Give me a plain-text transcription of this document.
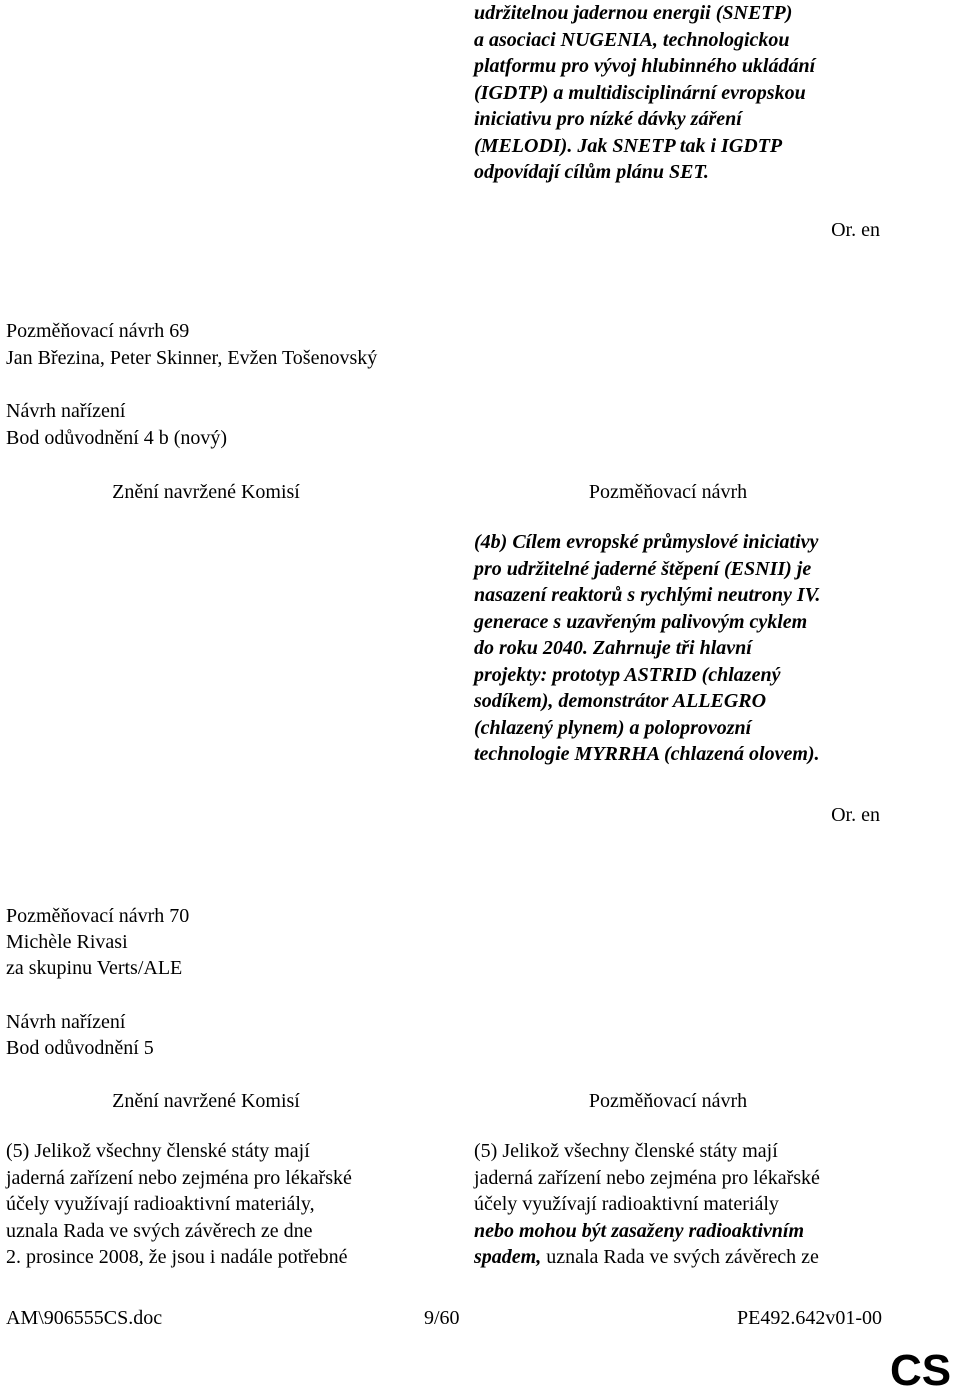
udržitelnou jadernou energii (SNETP)
a asociaci NUGENIA, technologickou
platformu pro vývoj hlubinného ukládání
(IGDTP) a multidisciplinární evropskou
iniciativu pro nízké dávky záření
(MELODI). Jak SNETP tak i IGDTP
odpovídají cílům plánu SET.
Or. en
Pozměňovací návrh 69
Jan Březina, Peter Skinner, Evžen Tošenovský
Návrh nařízení
Bod odůvodnění 4 b (nový)
Znění navržené Komisí	Pozměňovací návrh
(4b) Cílem evropské průmyslové iniciativy
pro udržitelné jaderné štěpení (ESNII) je
nasazení reaktorů s rychlými neutrony IV.
generace s uzavřeným palivovým cyklem
do roku 2040. Zahrnuje tři hlavní
projekty: prototyp ASTRID (chlazený
sodíkem), demonstrátor ALLEGRO
(chlazený plynem) a poloprovozní
technologie MYRRHA (chlazená olovem).
Or. en
Pozměňovací návrh 70
Michèle Rivasi
za skupinu Verts/ALE
Návrh nařízení
Bod odůvodnění 5
Znění navržené Komisí	Pozměňovací návrh
(5) Jelikož všechny členské státy mají
jaderná zařízení nebo zejména pro lékařské
účely využívají radioaktivní materiály,
uznala Rada ve svých závěrech ze dne
2. prosince 2008, že jsou i nadále potřebné
(5) Jelikož všechny členské státy mají
jaderná zařízení nebo zejména pro lékařské
účely využívají radioaktivní materiály
nebo mohou být zasaženy radioaktivním
spadem, uznala Rada ve svých závěrech ze
AM\906555CS.doc	9/60	PE492.642v01-00
CS
